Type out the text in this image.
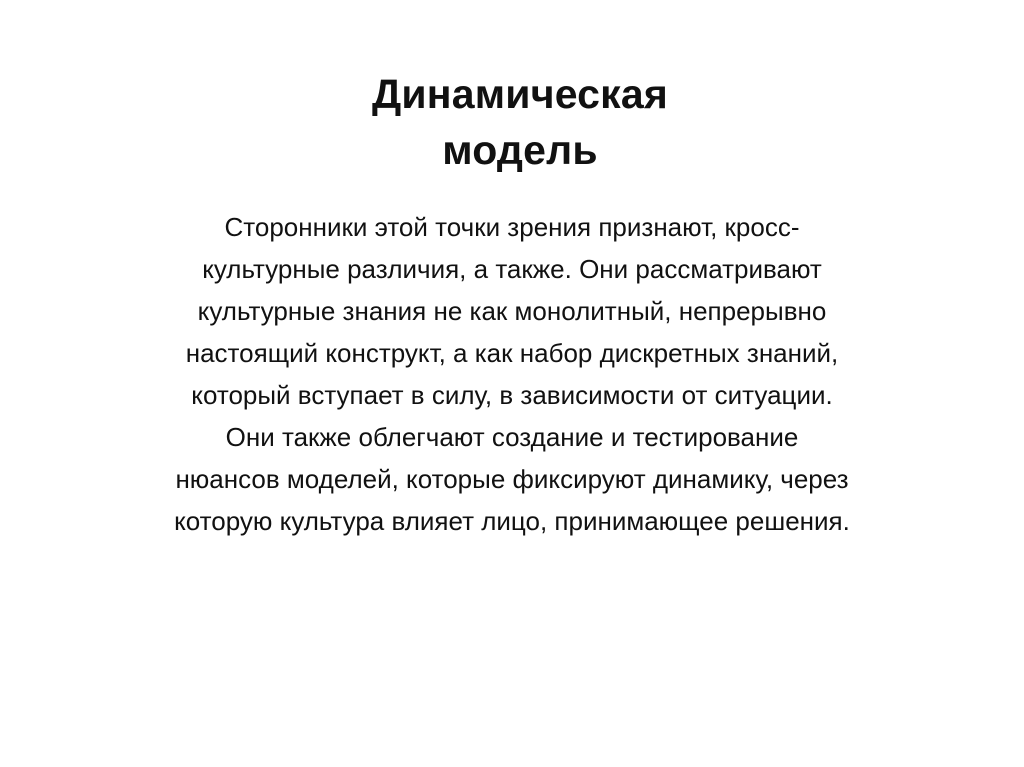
Динамическая
модель
Сторонники этой точки зрения признают, кросс-
культурные различия, а также. Они рассматривают
культурные знания не как монолитный, непрерывно
настоящий конструкт, а как набор дискретных знаний,
который вступает в силу, в зависимости от ситуации.
Они также облегчают создание и тестирование
нюансов моделей, которые фиксируют динамику, через
которую культура влияет лицо, принимающее решения.
